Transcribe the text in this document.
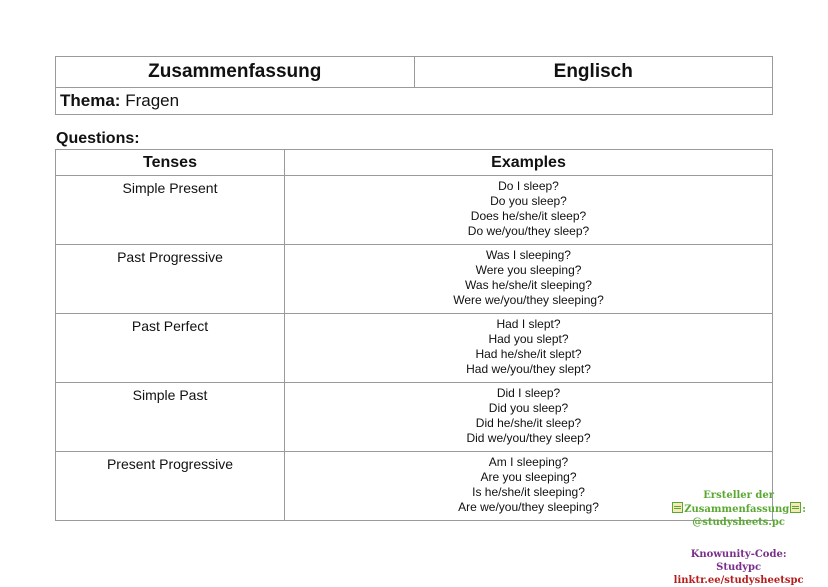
Zusammenfassung	Englisch
Thema: Fragen
Questions:
Tenses	Examples
Simple Present	Do I sleep?
Do you sleep?
Does he/she/it sleep?
Do we/you/they sleep?

Past Progressive	Was I sleeping?
Were you sleeping?
Was he/she/it sleeping?
Were we/you/they sleeping?

Past Perfect	Had I slept?
Had you slept?
Had he/she/it slept?
Had we/you/they slept?

Simple Past	Did I sleep?
Did you sleep?
Did he/she/it sleep?
Did we/you/they sleep?

Present Progressive	Am I sleeping?
Are you sleeping?
Is he/she/it sleeping?
Are we/you/they sleeping?
Ersteller der
Zusammenfassung :
@studysheets.pc
Knowunity-Code:
Studypc
linktr.ee/studysheetspc
